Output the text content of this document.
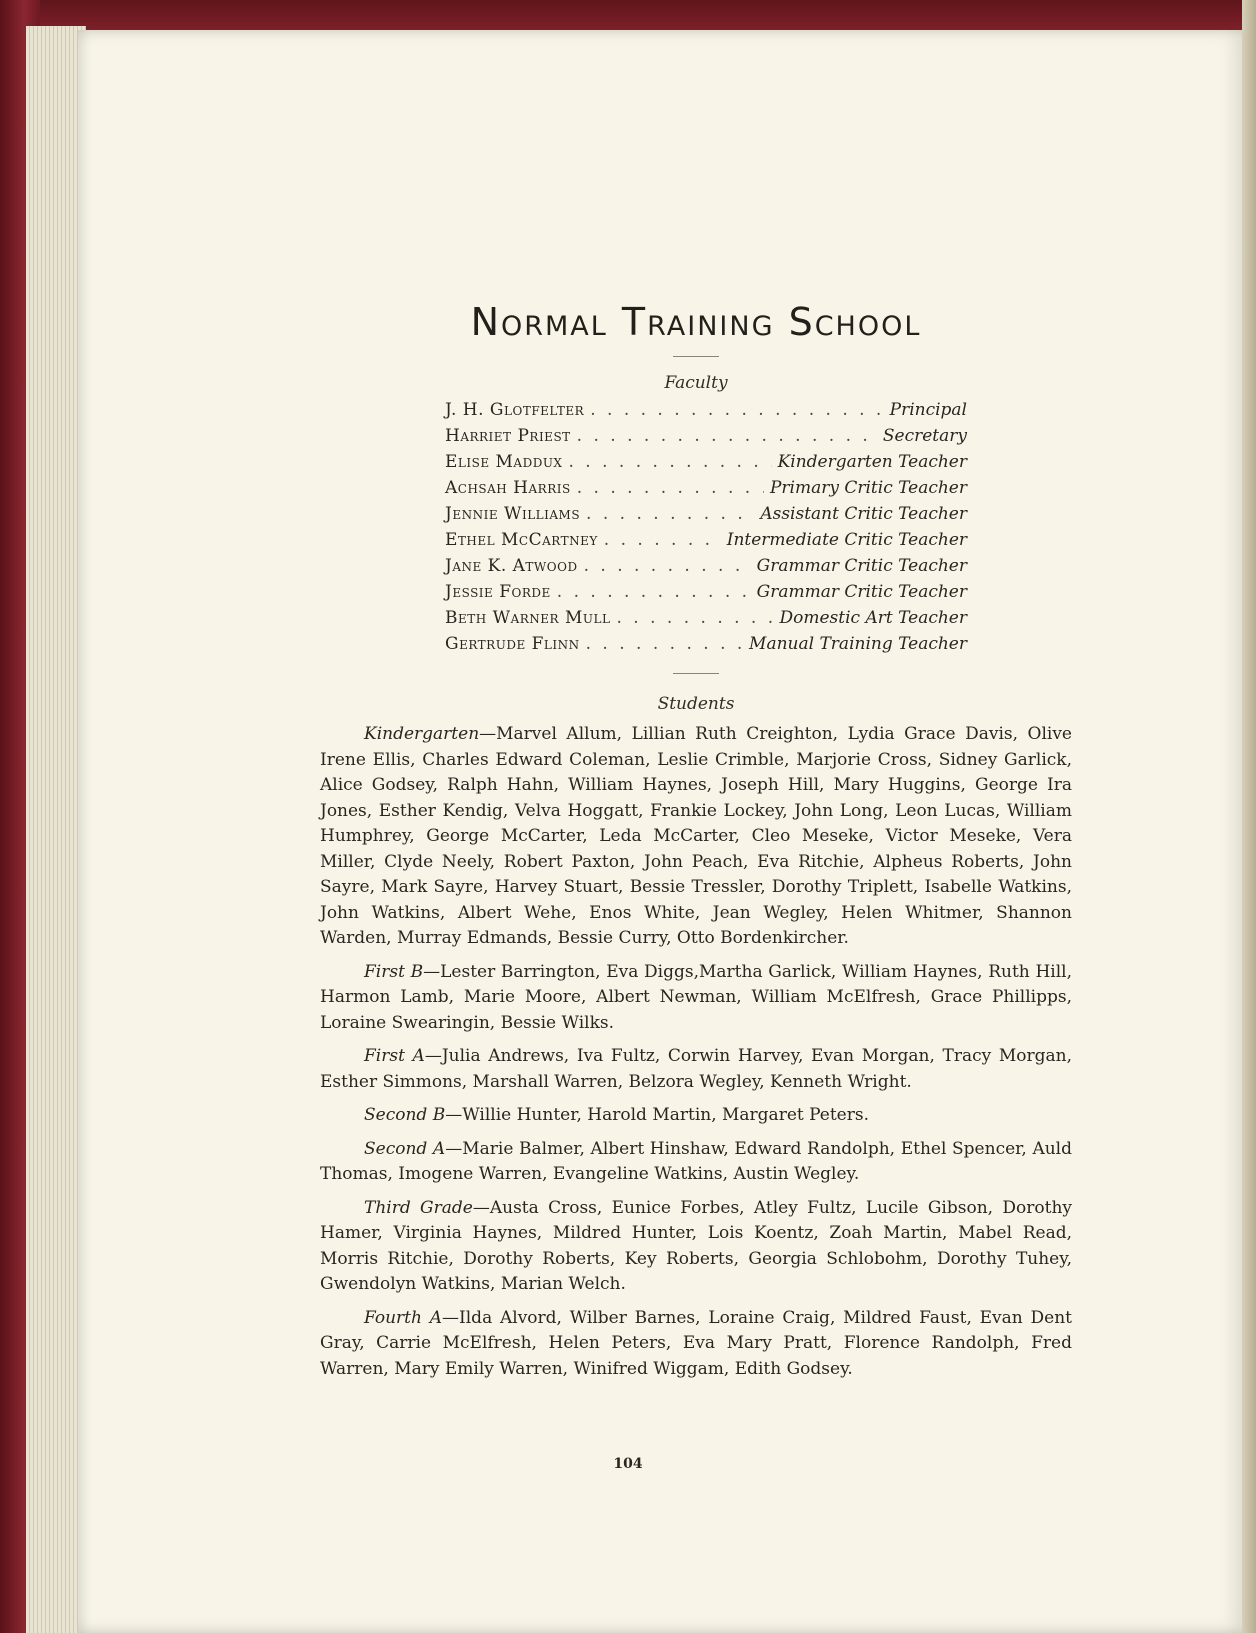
Normal Training School
Faculty
J. H. Glotfelter . . .	Principal
Harriet Priest . . .	Secretary
Elise Maddux . . .	Kindergarten Teacher
Achsah Harris . . .	Primary Critic Teacher
Jennie Williams . . .	Assistant Critic Teacher
Ethel McCartney . . .	Intermediate Critic Teacher
Jane K. Atwood . . .	Grammar Critic Teacher
Jessie Forde . . .	Grammar Critic Teacher
Beth Warner Mull . . .	Domestic Art Teacher
Gertrude Flinn . . .	Manual Training Teacher
Students

Kindergarten—Marvel Allum, Lillian Ruth Creighton, Lydia Grace Davis, Olive Irene Ellis, Charles Edward Coleman, Leslie Crimble, Marjorie Cross, Sidney Garlick, Alice Godsey, Ralph Hahn, William Haynes, Joseph Hill, Mary Huggins, George Ira Jones, Esther Kendig, Velva Hoggatt, Frankie Lockey, John Long, Leon Lucas, William Humphrey, George McCarter, Leda McCarter, Cleo Meseke, Victor Meseke, Vera Miller, Clyde Neely, Robert Paxton, John Peach, Eva Ritchie, Alpheus Roberts, John Sayre, Mark Sayre, Harvey Stuart, Bessie Tressler, Dorothy Triplett, Isabelle Watkins, John Watkins, Albert Wehe, Enos White, Jean Wegley, Helen Whitmer, Shannon Warden, Murray Edmands, Bessie Curry, Otto Bordenkircher.

First B—Lester Barrington, Eva Diggs,Martha Garlick, William Haynes, Ruth Hill, Harmon Lamb, Marie Moore, Albert Newman, William McElfresh, Grace Phillipps, Loraine Swearingin, Bessie Wilks.

First A—Julia Andrews, Iva Fultz, Corwin Harvey, Evan Morgan, Tracy Morgan, Esther Simmons, Marshall Warren, Belzora Wegley, Kenneth Wright.

Second B—Willie Hunter, Harold Martin, Margaret Peters.

Second A—Marie Balmer, Albert Hinshaw, Edward Randolph, Ethel Spencer, Auld Thomas, Imogene Warren, Evangeline Watkins, Austin Wegley.

Third Grade—Austa Cross, Eunice Forbes, Atley Fultz, Lucile Gibson, Dorothy Hamer, Virginia Haynes, Mildred Hunter, Lois Koentz, Zoah Martin, Mabel Read, Morris Ritchie, Dorothy Roberts, Key Roberts, Georgia Schlobohm, Dorothy Tuhey, Gwendolyn Watkins, Marian Welch.

Fourth A—Ilda Alvord, Wilber Barnes, Loraine Craig, Mildred Faust, Evan Dent Gray, Carrie McElfresh, Helen Peters, Eva Mary Pratt, Florence Randolph, Fred Warren, Mary Emily Warren, Winifred Wiggam, Edith Godsey.

104
